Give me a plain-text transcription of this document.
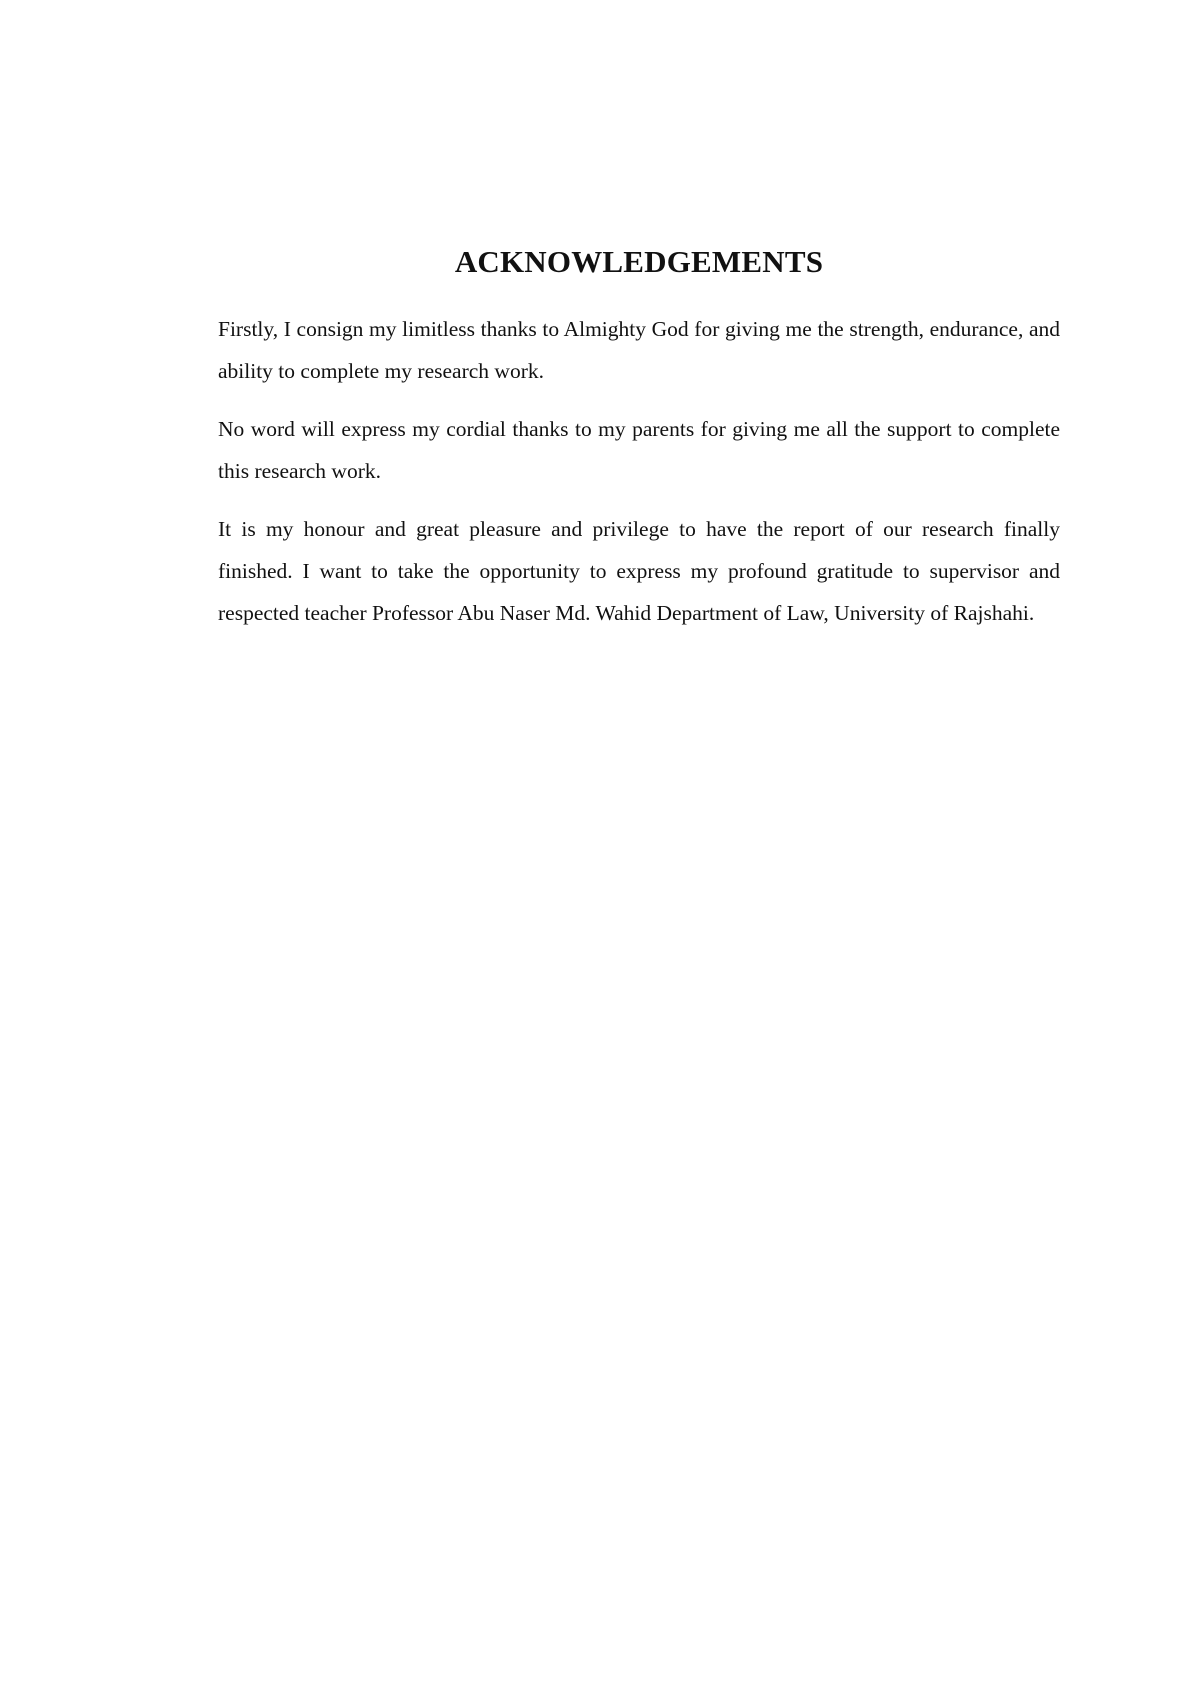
ACKNOWLEDGEMENTS

Firstly, I consign my limitless thanks to Almighty God for giving me the strength, endurance, and ability to complete my research work.

No word will express my cordial thanks to my parents for giving me all the support to complete this research work.

It is my honour and great pleasure and privilege to have the report of our research finally finished. I want to take the opportunity to express my profound gratitude to supervisor and respected teacher Professor Abu Naser Md. Wahid Department of Law, University of Rajshahi.
